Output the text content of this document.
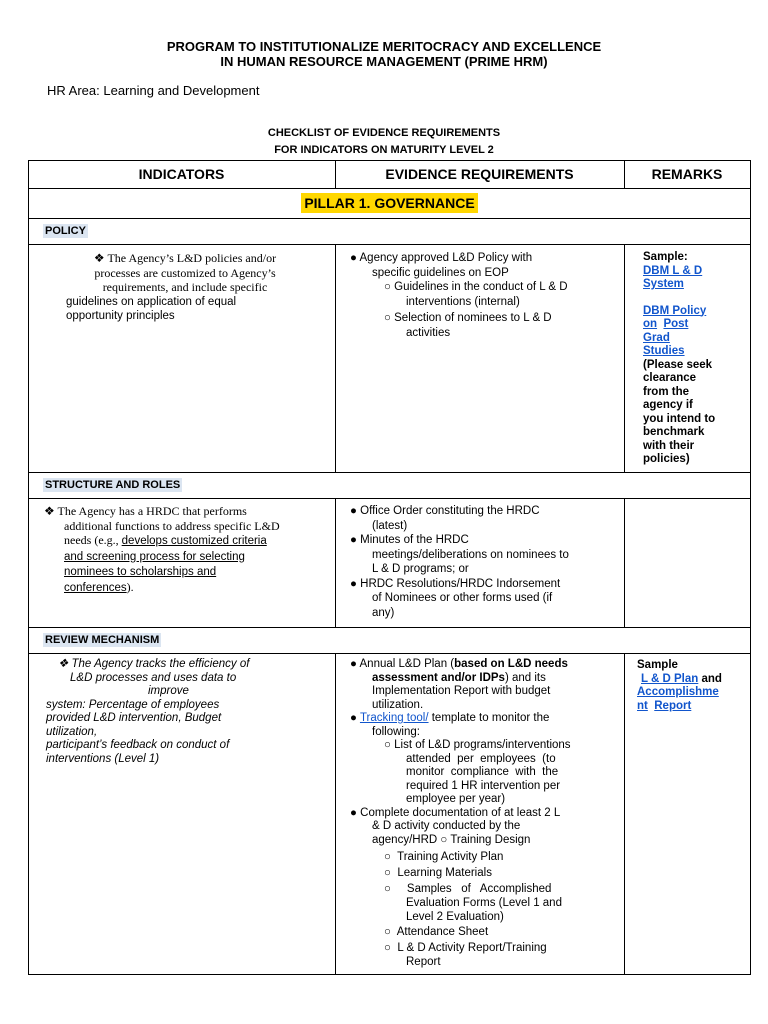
PROGRAM TO INSTITUTIONALIZE MERITOCRACY AND EXCELLENCE
IN HUMAN RESOURCE MANAGEMENT (PRIME HRM)
HR Area: Learning and Development
CHECKLIST OF EVIDENCE REQUIREMENTS
FOR INDICATORS ON MATURITY LEVEL 2
INDICATORS	EVIDENCE REQUIREMENTS	REMARKS
PILLAR 1. GOVERNANCE
POLICY
❖ The Agency’s L&D policies and/or
processes are customized to Agency’s
requirements, and include specific
guidelines on application of equal
opportunity principles
● Agency approved L&D Policy with
specific guidelines on EOP
○ Guidelines in the conduct of L & D
interventions (internal)
○ Selection of nominees to L & D
activities
Sample:
DBM L & D
System
DBM Policy
on Post
Grad
Studies
(Please seek
clearance
from the
agency if
you intend to
benchmark
with their
policies)
STRUCTURE AND ROLES
❖ The Agency has a HRDC that performs
additional functions to address specific L&D
needs (e.g., develops customized criteria
and screening process for selecting
nominees to scholarships and
conferences).
● Office Order constituting the HRDC
(latest)
● Minutes of the HRDC
meetings/deliberations on nominees to
L & D programs; or
● HRDC Resolutions/HRDC Indorsement
of Nominees or other forms used (if
any)
REVIEW MECHANISM
❖ The Agency tracks the efficiency of
L&D processes and uses data to
improve
system: Percentage of employees
provided L&D intervention, Budget
utilization,
participant’s feedback on conduct of
interventions (Level 1)
● Annual L&D Plan (based on L&D needs
assessment and/or IDPs) and its
Implementation Report with budget
utilization.
● Tracking tool/ template to monitor the
following:
○ List of L&D programs/interventions
attended  per  employees  (to
monitor  compliance  with  the
required 1 HR intervention per
employee per year)
● Complete documentation of at least 2 L
& D activity conducted by the
agency/HRD ○ Training Design
○  Training Activity Plan
○  Learning Materials
○     Samples   of   Accomplished
Evaluation Forms (Level 1 and
Level 2 Evaluation)
○  Attendance Sheet
○  L & D Activity Report/Training
Report
Sample
L & D Plan and
Accomplishme
nt Report
